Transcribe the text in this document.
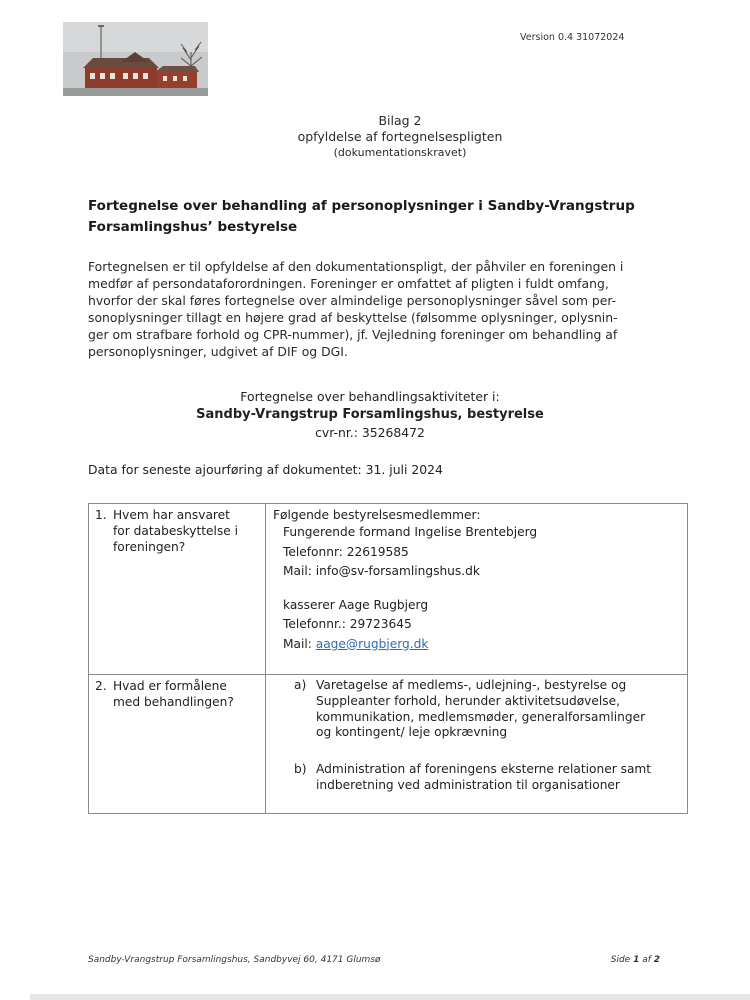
Version 0.4 31072024
Bilag 2
opfyldelse af fortegnelsespligten
(dokumentationskravet)
Fortegnelse over behandling af personoplysninger i Sandby-Vrangstrup
Forsamlingshus’ bestyrelse
Fortegnelsen er til opfyldelse af den dokumentationspligt, der påhviler en foreningen i
medfør af persondataforordningen. Foreninger er omfattet af pligten i fuldt omfang,
hvorfor der skal føres fortegnelse over almindelige personoplysninger såvel som per-
sonoplysninger tillagt en højere grad af beskyttelse (følsomme oplysninger, oplysnin-
ger om strafbare forhold og CPR-nummer), jf. Vejledning foreninger om behandling af
personoplysninger, udgivet af DIF og DGI.
Fortegnelse over behandlingsaktiviteter i:
Sandby-Vrangstrup Forsamlingshus, bestyrelse
cvr-nr.: 35268472
Data for seneste ajourføring af dokumentet: 31. juli 2024
1. Hvem har ansvaret
for databeskyttelse i
foreningen?
Følgende bestyrelsesmedlemmer:
Fungerende formand Ingelise Brentebjerg
Telefonnr: 22619585
Mail: info@sv-forsamlingshus.dk
kasserer Aage Rugbjerg
Telefonnr.: 29723645
Mail: aage@rugbjerg.dk
2. Hvad er formålene
med behandlingen?
a) Varetagelse af medlems-, udlejning-, bestyrelse og
Suppleanter forhold, herunder aktivitetsudøvelse,
kommunikation, medlemsmøder, generalforsamlinger
og kontingent/ leje opkrævning
b) Administration af foreningens eksterne relationer samt
indberetning ved administration til organisationer
Sandby-Vrangstrup Forsamlingshus, Sandbyvej 60, 4171 Glumsø	Side 1 af 2
